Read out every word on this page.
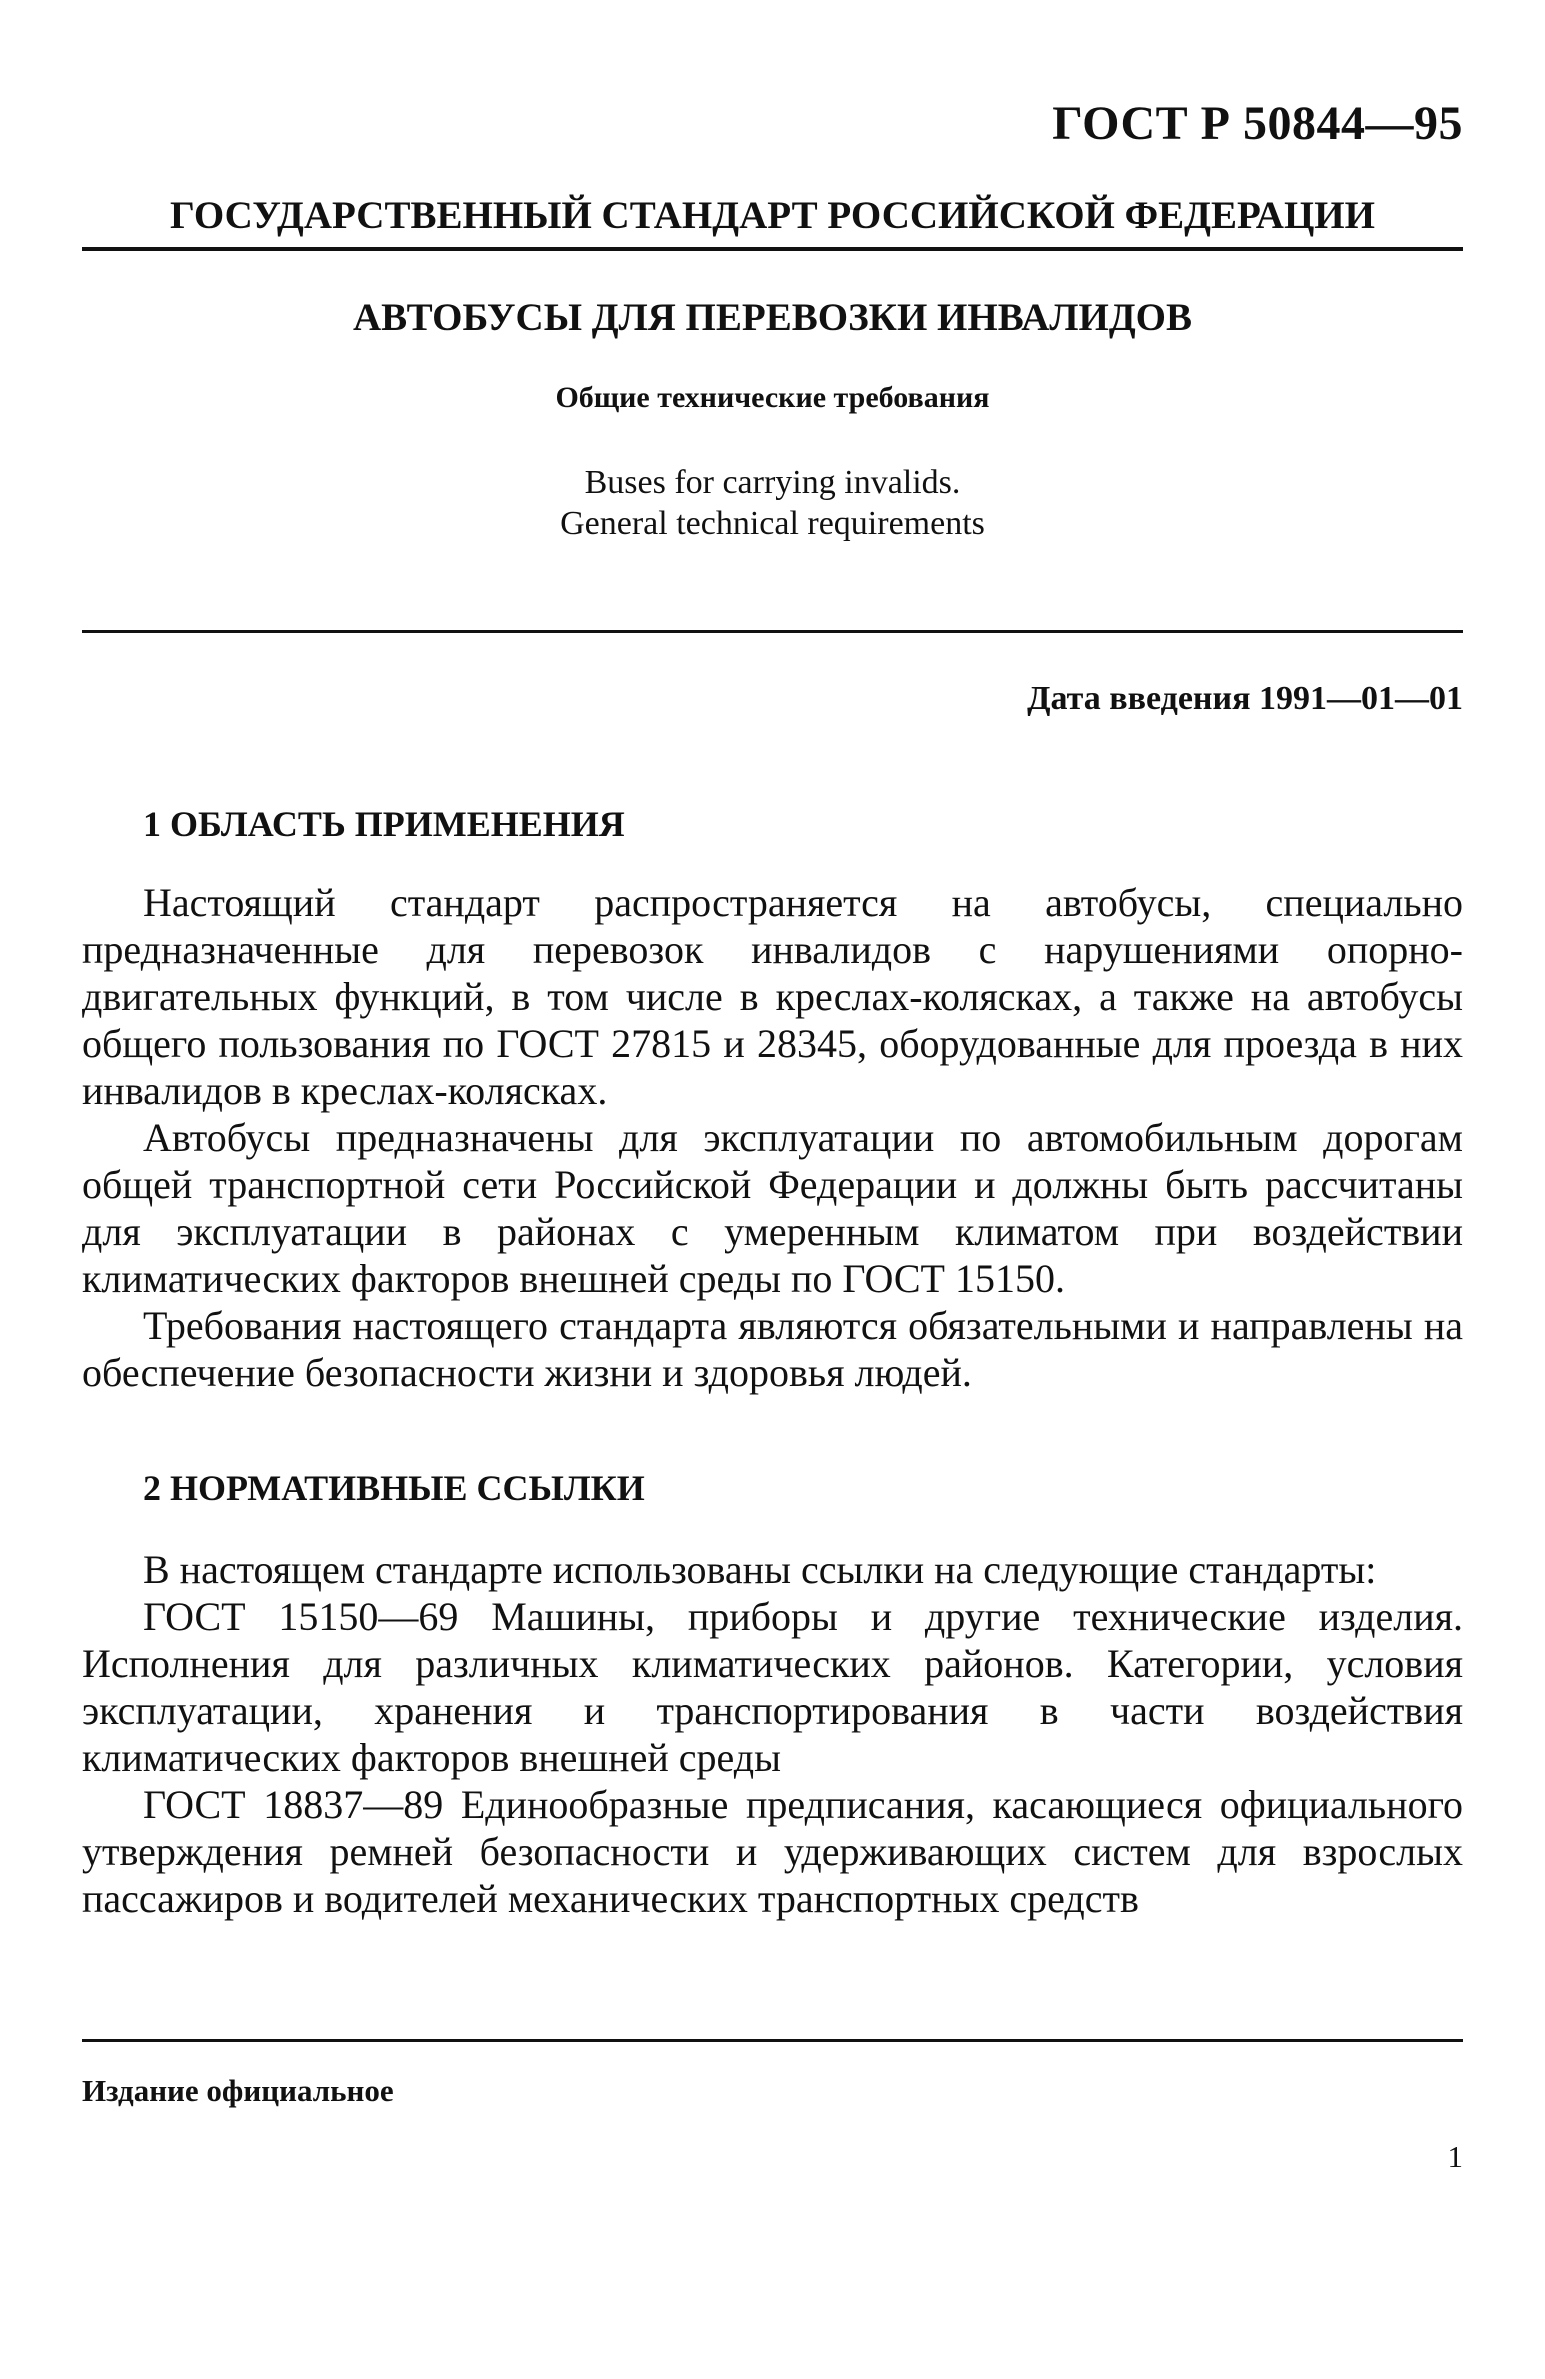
ГОСТ Р 50844—95
ГОСУДАРСТВЕННЫЙ СТАНДАРТ РОССИЙСКОЙ ФЕДЕРАЦИИ
АВТОБУСЫ ДЛЯ ПЕРЕВОЗКИ ИНВАЛИДОВ
Общие технические требования
Buses for carrying invalids.
General technical requirements
Дата введения 1991—01—01
1 ОБЛАСТЬ ПРИМЕНЕНИЯ

Настоящий стандарт распространяется на автобусы, специально предназначенные для перевозок инвалидов с нарушениями опорно-двигательных функций, в том числе в креслах-колясках, а также на автобусы общего пользования по ГОСТ 27815 и 28345, оборудованные для проезда в них инвалидов в креслах-колясках.

Автобусы предназначены для эксплуатации по автомобильным дорогам общей транспортной сети Российской Федерации и должны быть рассчитаны для эксплуатации в районах с умеренным климатом при воздействии климатических факторов внешней среды по ГОСТ 15150.

Требования настоящего стандарта являются обязательными и направлены на обеспечение безопасности жизни и здоровья людей.

2 НОРМАТИВНЫЕ ССЫЛКИ

В настоящем стандарте использованы ссылки на следующие стандарты:

ГОСТ 15150—69 Машины, приборы и другие технические изделия. Исполнения для различных климатических районов. Категории, условия эксплуатации, хранения и транспортирования в части воздействия климатических факторов внешней среды

ГОСТ 18837—89 Единообразные предписания, касающиеся официального утверждения ремней безопасности и удерживающих систем для взрослых пассажиров и водителей механических транспортных средств

Издание официальное
1
